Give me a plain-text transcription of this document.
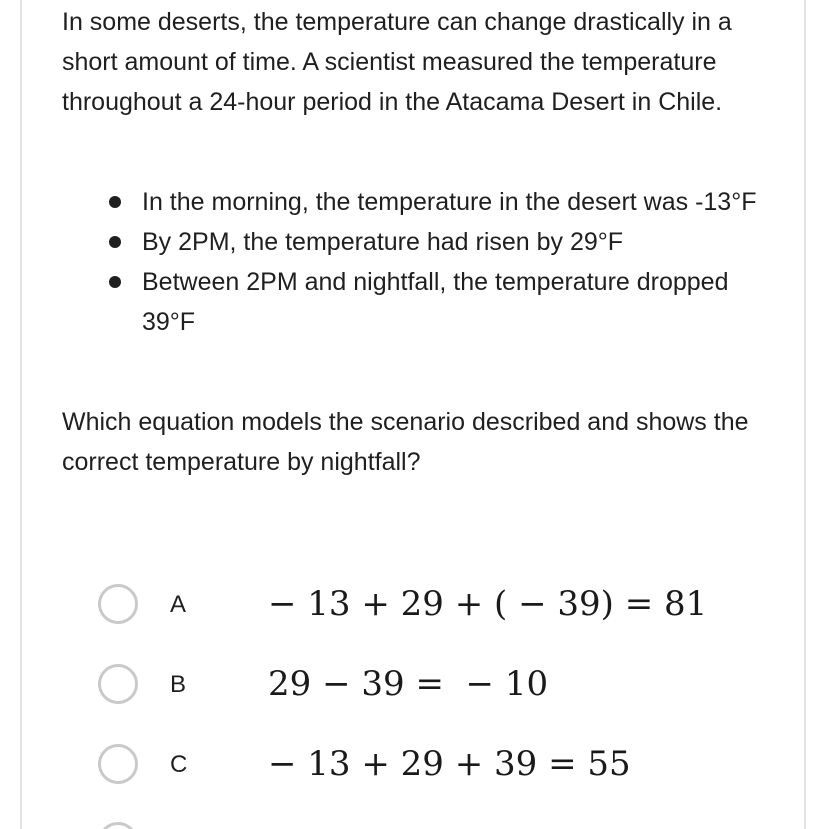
In some deserts, the temperature can change drastically in a short amount of time. A scientist measured the temperature throughout a 24-hour period in the Atacama Desert in Chile.

In the morning, the temperature in the desert was -13°F
By 2PM, the temperature had risen by 29°F
Between 2PM and nightfall, the temperature dropped 39°F

Which equation models the scenario described and shows the correct temperature by nightfall?

A − 13 + 29 + ( − 39) = 81
B 29 − 39 =  − 10
C − 13 + 29 + 39 = 55
